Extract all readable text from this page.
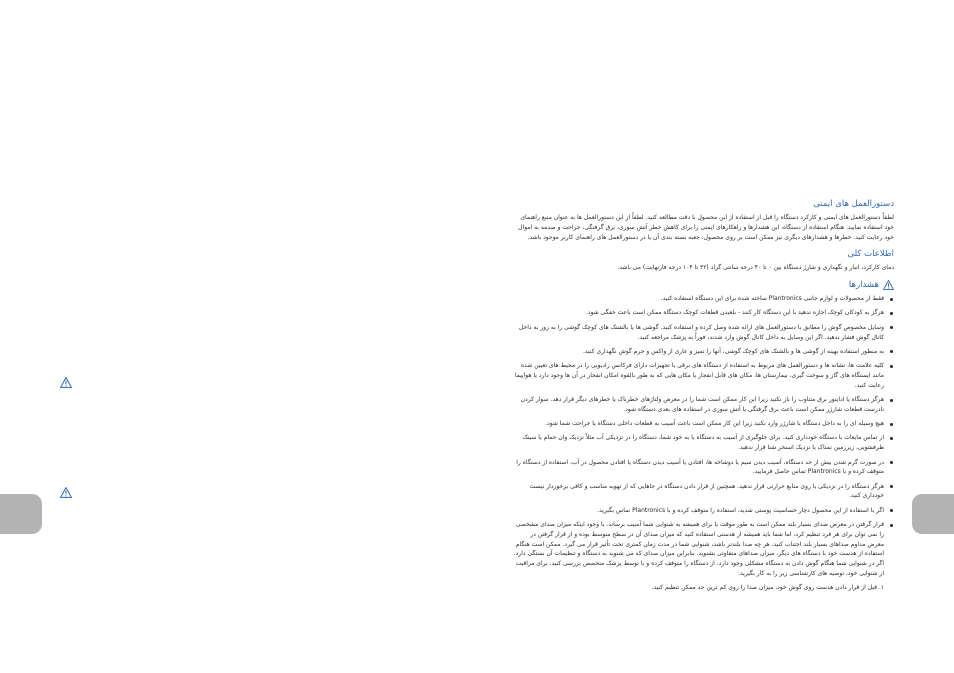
دستورالعمل های ایمنی

لطفاً دستورالعمل های ایمنی و کارکرد دستگاه را قبل از استفاده از این محصول با دقت مطالعه کنید. لطفاً از این دستورالعمل ها به عنوان منبع راهنمای خود استفاده نمایید. هنگام استفاده از دستگاه، این هشدارها و راهکارهای ایمنی را برای کاهش خطر آتش سوزی، برق گرفتگی، جراحت و صدمه به اموال خود رعایت کنید. خطرها و هشدارهای دیگری نیز ممکن است بر روی محصول، جعبه بسته بندی آن یا در دستورالعمل های راهنمای کاربر موجود باشد.

اطلاعات کلی

دمای کارکرد، انبار و نگهداری و شارژ دستگاه بین ۰ تا ۴۰ درجه سانتی گراد (۳۲ تا ۱۰۴ درجه فارنهایت) می باشد.

هشدارها
فقط از محصولات و لوازم جانبی Plantronics ساخته شده برای این دستگاه استفاده کنید.
هرگز به کودکان کوچک اجازه ندهید با این دستگاه کار کنند - بلعیدن قطعات کوچک دستگاه ممکن است باعث خفگی شود.
وسایل مخصوص گوش را مطابق با دستورالعمل های ارائه شده وصل کرده و استفاده کنید. گوشی ها یا بالشتک های کوچک گوشی را به زور به داخل کانال گوش فشار ندهید. اگر این وسایل به داخل کانال گوش وارد شدند، فوراً به پزشک مراجعه کنید.
به منظور استفاده بهینه از گوشی ها و بالشتک های کوچک گوشی، آنها را تمیز و عاری از واکس و جرم گوش نگهداری کنید.
کلیه علامت ها، نشانه ها و دستورالعمل های مربوط به استفاده از دستگاه های برقی یا تجهیزات دارای فرکانس رادیویی را در محیط های تعیین شده مانند ایستگاه های گاز و سوخت گیری، بیمارستان ها، مکان های قابل انفجار یا مکان هایی که به طور بالقوه امکان انفجار در آن ها وجود دارد یا هواپیما رعایت کنید.
هرگز دستگاه یا اداپتور برق متناوب را باز نکنید زیرا این کار ممکن است شما را در معرض ولتاژهای خطرناک یا خطرهای دیگر قرار دهد. سوار کردن نادرست قطعات شارژر ممکن است باعث برق گرفتگی یا آتش سوزی در استفاده های بعدی دستگاه شود.
هیچ وسیله ای را به داخل دستگاه یا شارژر وارد نکنید زیرا این کار ممکن است باعث آسیب به قطعات داخلی دستگاه یا جراحت شما شود.
از تماس مایعات با دستگاه خودداری کنید. برای جلوگیری از آسیب به دستگاه یا به خود شما، دستگاه را در نزدیکی آب مثلاً نزدیک وان حمام یا سینک ظرفشویی، زیرزمین نمناک یا نزدیک استخر شنا قرار ندهید.
در صورت گرم شدن بیش از حد دستگاه، آسیب دیدن سیم یا دوشاخه ها، افتادن یا آسیب دیدن دستگاه یا افتادن محصول در آب، استفاده از دستگاه را متوقف کرده و با Plantronics تماس حاصل فرمایید.
هرگز دستگاه را در نزدیکی یا روی منابع حرارتی قرار ندهید. همچنین از قرار دادن دستگاه در جاهایی که از تهویه مناسب و کافی برخوردار نیست خودداری کنید.
اگر با استفاده از این محصول دچار حساسیت پوستی شدید، استفاده را متوقف کرده و با Plantronics تماس بگیرید.
قرار گرفتن در معرض صدای بسیار بلند ممکن است به طور موقت یا برای همیشه به شنوایی شما آسیب برساند. با وجود اینکه میزان صدای مشخصی را نمی توان برای هر فرد تنظیم کرد، اما شما باید همیشه از هدستی استفاده کنید که میزان صدای آن در سطح متوسط بوده و از قرار گرفتن در معرض مداوم صداهای بسیار بلند اجتناب کنید. هر چه صدا بلندتر باشد، شنوایی شما در مدت زمان کمتری تحت تأثیر قرار می گیرد. ممکن است هنگام استفاده از هدست خود با دستگاه های دیگر، میزان صداهای متفاوتی بشنوید. بنابراین میزان صدای که می شنوید به دستگاه و تنظیمات آن بستگی دارد. اگر در شنوایی شما هنگام گوش دادن به دستگاه مشکلی وجود دارد، از دستگاه را متوقف کرده و با توسط پزشک متخصص بررسی کنید. برای مراقبت از شنوایی خود، توصیه های کارشناسی زیر را به کار بگیرید:
۱. قبل از قرار دادن هدست روی گوش خود، میزان صدا را روی کم ترین حد ممکن تنظیم کنید.
